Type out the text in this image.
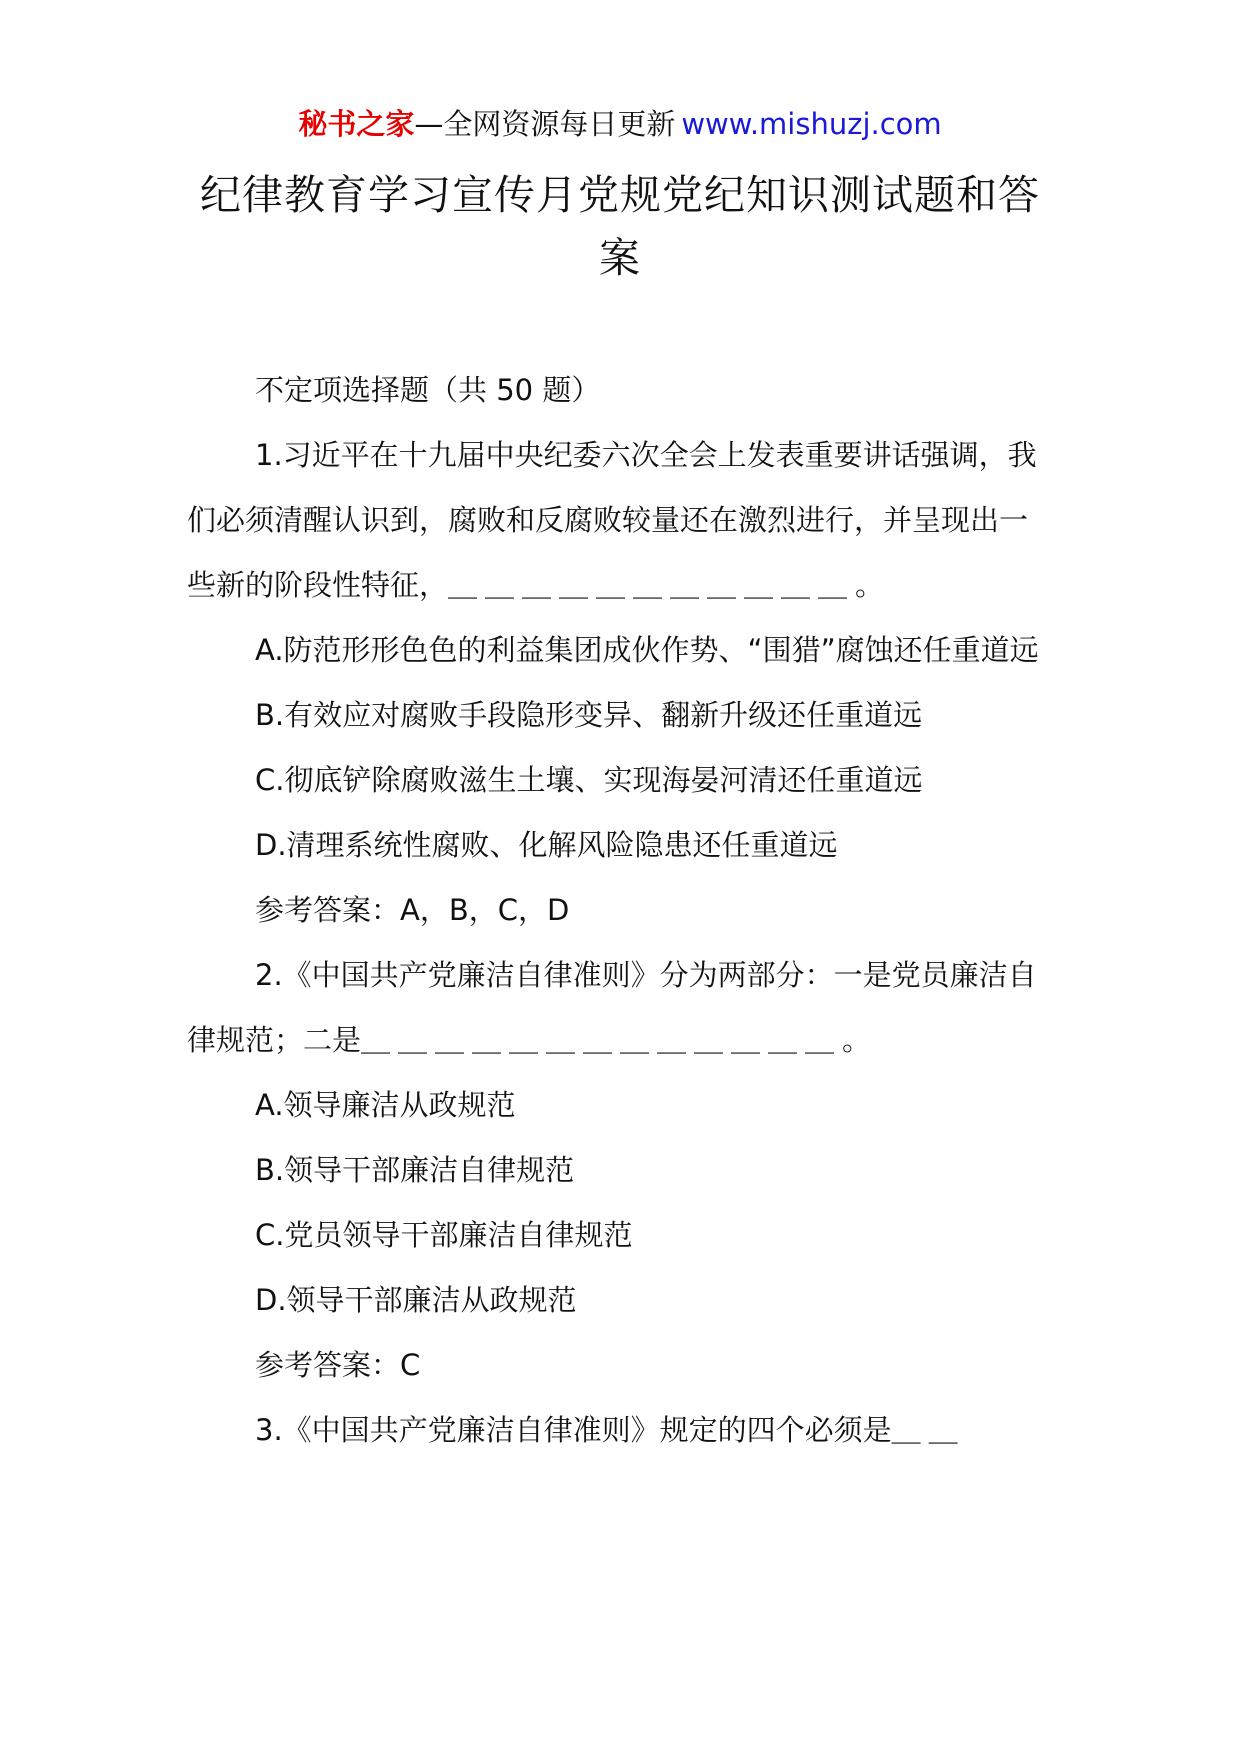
秘书之家—全网资源每日更新 www.mishuzj.com
纪律教育学习宣传月党规党纪知识测试题和答案

不定项选择题（共 50 题）

1.习近平在十九届中央纪委六次全会上发表重要讲话强调，我们必须清醒认识到，腐败和反腐败较量还在激烈进行，并呈现出一些新的阶段性特征，＿＿＿＿＿＿＿＿＿＿＿。

A.防范形形色色的利益集团成伙作势、“围猎”腐蚀还任重道远

B.有效应对腐败手段隐形变异、翻新升级还任重道远

C.彻底铲除腐败滋生土壤、实现海晏河清还任重道远

D.清理系统性腐败、化解风险隐患还任重道远

参考答案：A，B，C，D

2.《中国共产党廉洁自律准则》分为两部分：一是党员廉洁自律规范；二是＿＿＿＿＿＿＿＿＿＿＿＿＿。

A.领导廉洁从政规范

B.领导干部廉洁自律规范

C.党员领导干部廉洁自律规范

D.领导干部廉洁从政规范

参考答案：C

3.《中国共产党廉洁自律准则》规定的四个必须是＿＿
